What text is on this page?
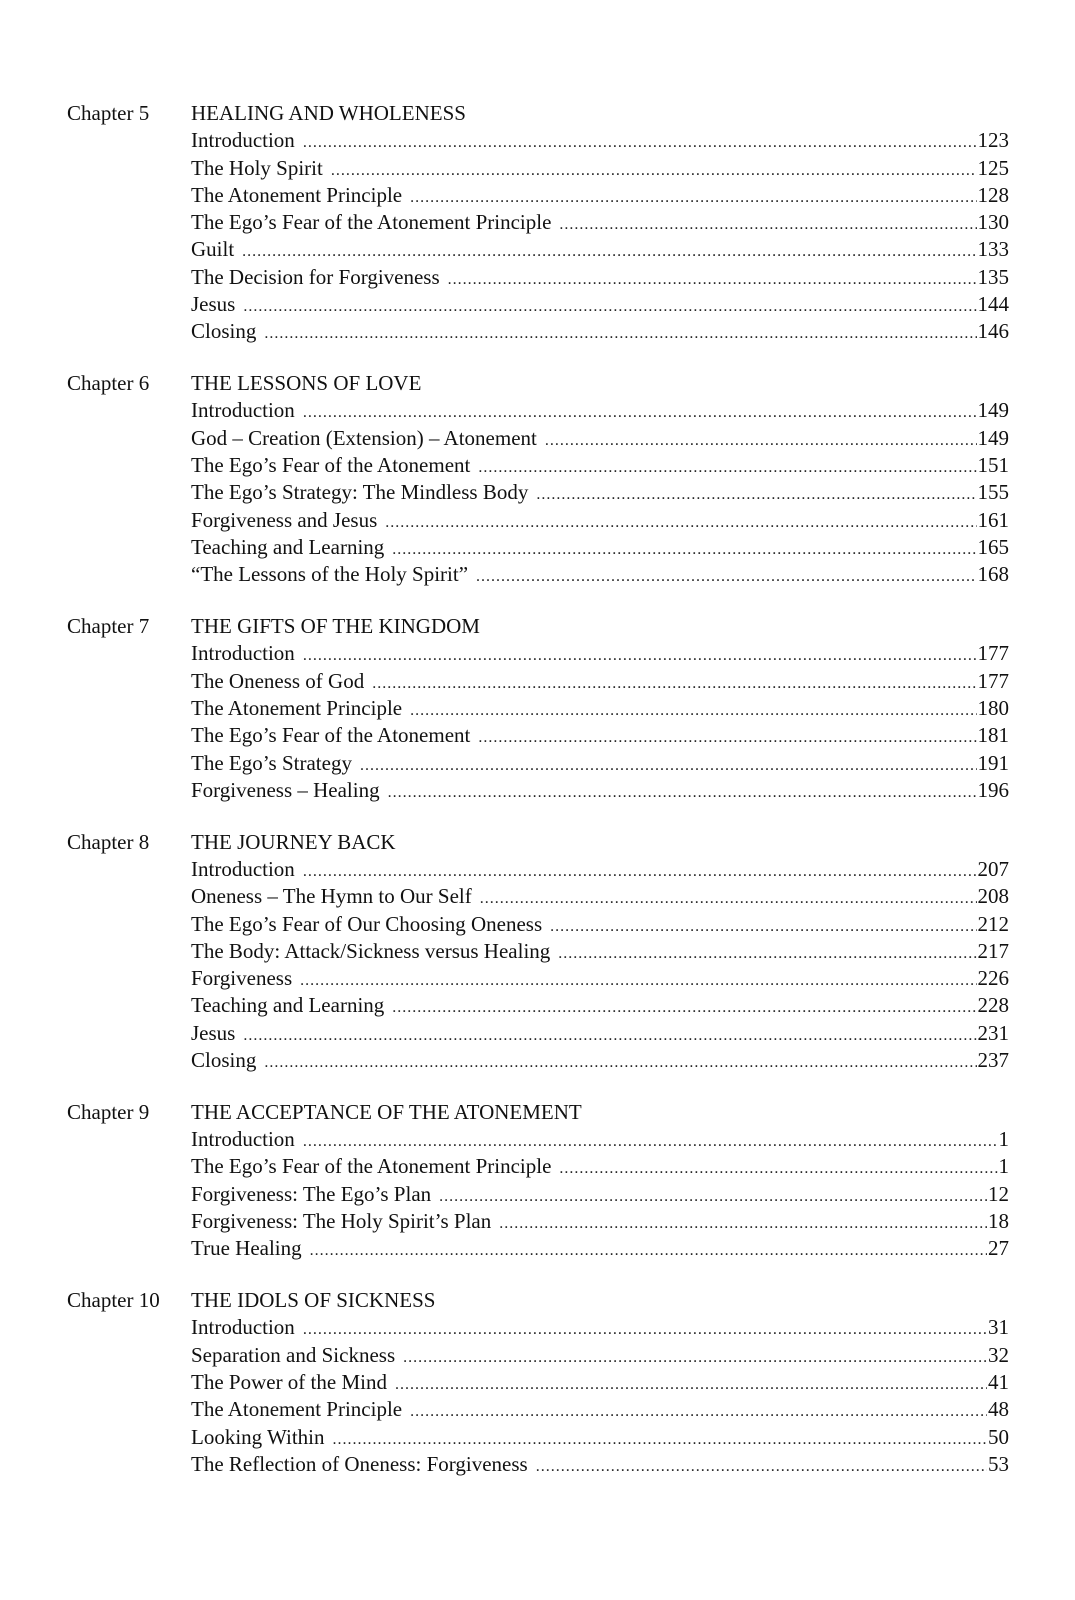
Chapter 5	HEALING AND WHOLENESS
Introduction .....	123
The Holy Spirit .....	125
The Atonement Principle .....	128
The Ego’s Fear of the Atonement Principle .....	130
Guilt .....	133
The Decision for Forgiveness .....	135
Jesus .....	144
Closing .....	146
Chapter 6	THE LESSONS OF LOVE
Introduction .....	149
God – Creation (Extension) – Atonement .....	149
The Ego’s Fear of the Atonement .....	151
The Ego’s Strategy: The Mindless Body .....	155
Forgiveness and Jesus .....	161
Teaching and Learning .....	165
“The Lessons of the Holy Spirit” .....	168
Chapter 7	THE GIFTS OF THE KINGDOM
Introduction .....	177
The Oneness of God .....	177
The Atonement Principle .....	180
The Ego’s Fear of the Atonement .....	181
The Ego’s Strategy .....	191
Forgiveness – Healing .....	196
Chapter 8	THE JOURNEY BACK
Introduction .....	207
Oneness – The Hymn to Our Self .....	208
The Ego’s Fear of Our Choosing Oneness .....	212
The Body: Attack/Sickness versus Healing .....	217
Forgiveness .....	226
Teaching and Learning .....	228
Jesus .....	231
Closing .....	237
Chapter 9	THE ACCEPTANCE OF THE ATONEMENT
Introduction .....	1
The Ego’s Fear of the Atonement Principle .....	1
Forgiveness: The Ego’s Plan .....	12
Forgiveness: The Holy Spirit’s Plan .....	18
True Healing .....	27
Chapter 10	THE IDOLS OF SICKNESS
Introduction .....	31
Separation and Sickness .....	32
The Power of the Mind .....	41
The Atonement Principle .....	48
Looking Within .....	50
The Reflection of Oneness: Forgiveness .....	53
